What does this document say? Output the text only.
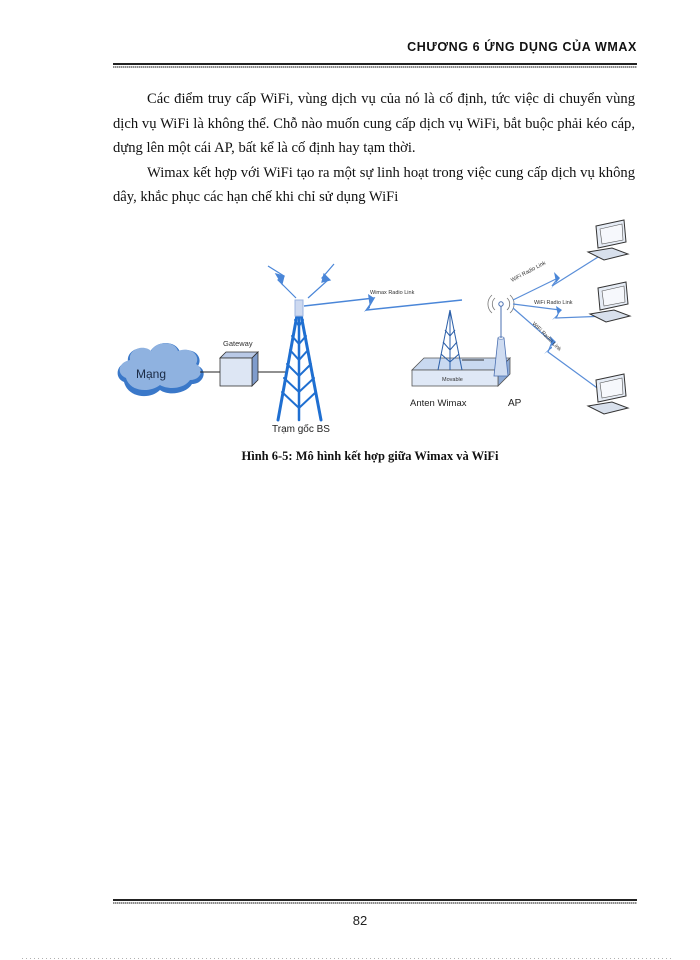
CHƯƠNG 6 ỨNG DỤNG CỦA WMAX

Các điểm truy cấp WiFi, vùng dịch vụ của nó là cố định, tức việc di chuyển vùng dịch vụ WiFi là không thể. Chỗ nào muốn cung cấp dịch vụ WiFi, bắt buộc phải kéo cáp, dựng lên một cái AP, bất kể là cố định hay tạm thời.

Wimax kết hợp với WiFi tạo ra một sự linh hoạt trong việc cung cấp dịch vụ không dây, khắc phục các hạn chế khi chỉ sử dụng WiFi

Mạng
Gateway
Trạm gốc BS
Wimax Radio Link
Movable
Anten Wimax	AP
WiFi Radio Link
WiFi Radio Link
WiFi Radio Link
Hình 6-5: Mô hình kết hợp giữa Wimax và WiFi
82
